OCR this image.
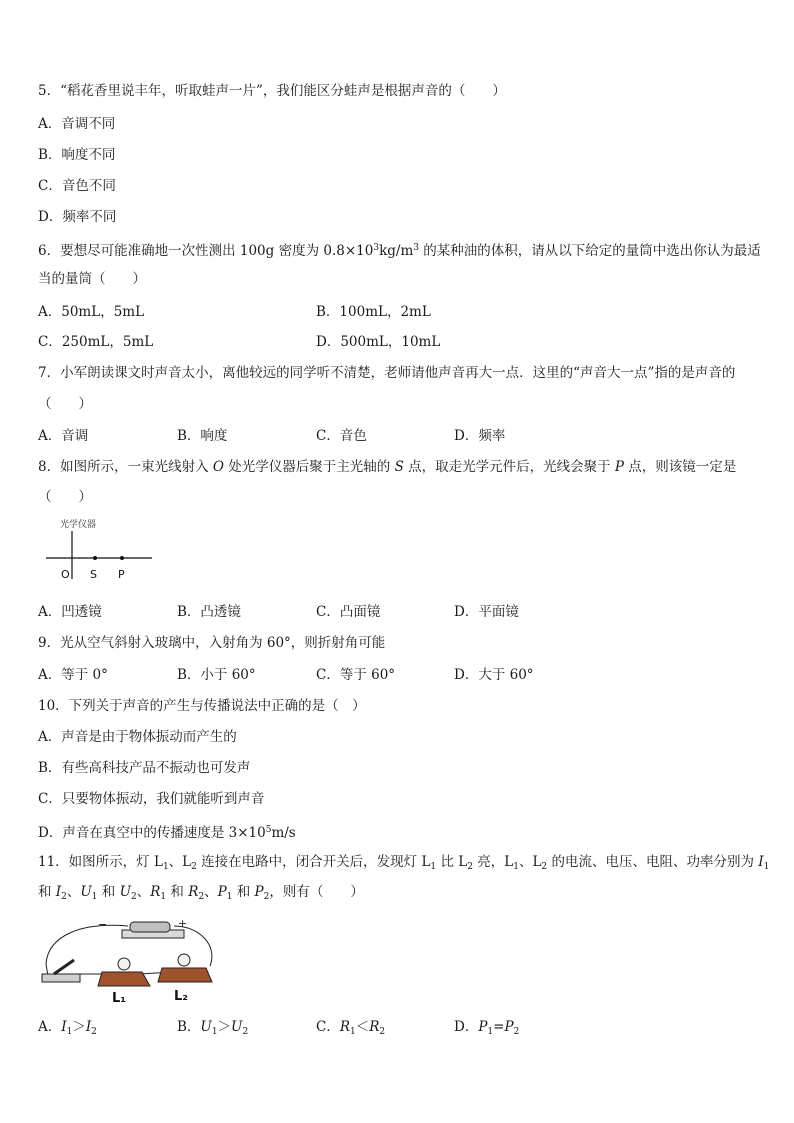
5．“稻花香里说丰年，听取蛙声一片”，我们能区分蛙声是根据声音的（　　）
A．音调不同
B．响度不同
C．音色不同
D．频率不同
6．要想尽可能准确地一次性测出 100g 密度为 $0.8\times 10^3kg/m^3$ 的某种油的体积，请从以下给定的量筒中选出你认为最适
当的量筒（　　）
A．50mL，5mL	B．100mL，2mL
C．250mL，5mL	D．500mL，10mL
7．小军朗读课文时声音太小，离他较远的同学听不清楚，老师请他声音再大一点．这里的“声音大一点”指的是声音的
（　　）
A．音调	B．响度	C．音色	D．频率
8．如图所示，一束光线射入 O 处光学仪器后聚于主光轴的 S 点，取走光学元件后，光线会聚于 P 点，则该镜一定是
（　　）
光学仪器
O S P
A．凹透镜	B．凸透镜	C．凸面镜	D．平面镜
9．光从空气斜射入玻璃中，入射角为 60°，则折射角可能
A．等于 0°	B．小于 60°	C．等于 60°	D．大于 60°
10．下列关于声音的产生与传播说法中正确的是（　）
A．声音是由于物体振动而产生的
B．有些高科技产品不振动也可发声
C．只要物体振动，我们就能听到声音
D．声音在真空中的传播速度是 $3\times 10^5m/s$
11．如图所示，灯 $L_1$、$L_2$ 连接在电路中，闭合开关后，发现灯 $L_1$ 比 $L_2$ 亮，$L_1$、$L_2$ 的电流、电压、电阻、功率分别为 $I_1$
和 $I_2$、$U_1$ 和 $U_2$、$R_1$ 和 $R_2$、$P_1$ 和 $P_2$，则有（　　）
−	+
L₁	L₂
A．$I_1>I_2$	B．$U_1>U_2$	C．$R_1<R_2$	D．$P_1=P_2$
